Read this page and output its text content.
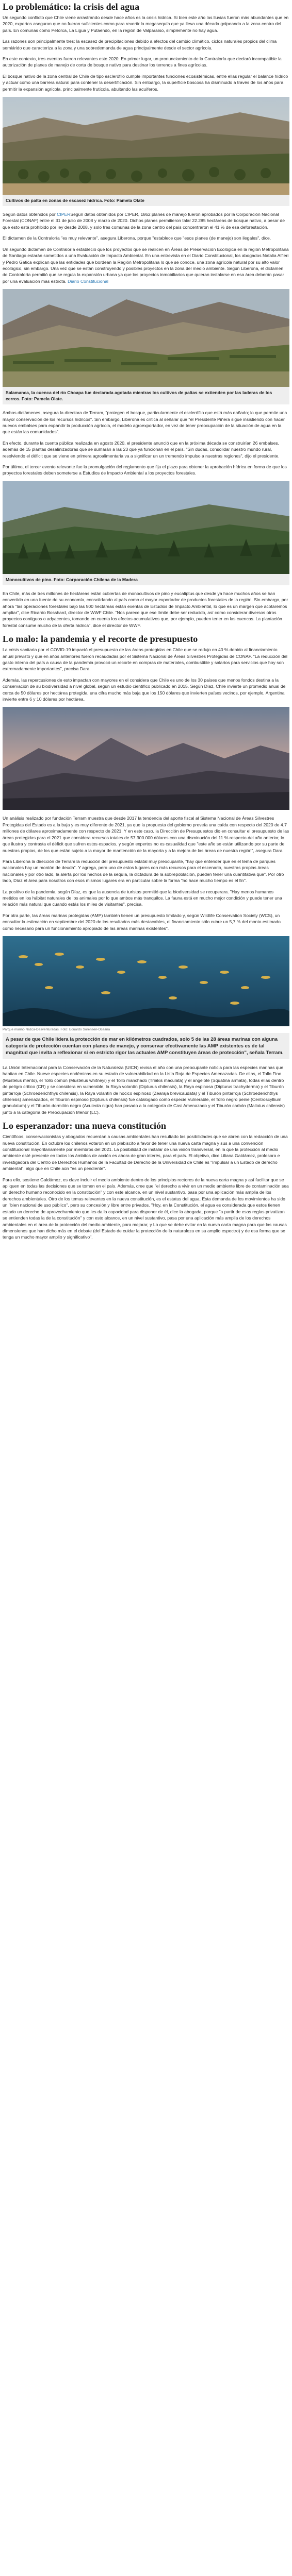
Lo problemático: la crisis del agua

Un segundo conflicto que Chile viene arrastrando desde hace años es la crisis hídrica. Si bien este año las lluvias fueron más abundantes que en 2020, expertos aseguran que no fueron suficientes como para revertir la megasequía que ya lleva una década golpeando a la zona centro del país. En comunas como Petorca, La Ligua y Putaendo, en la región de Valparaíso, simplemente no hay agua.

Las razones son principalmente tres: la escasez de precipitaciones debido a efectos del cambio climático, ciclos naturales propios del clima semiárido que caracteriza a la zona y una sobredemanda de agua principalmente desde el sector agrícola.

En este contexto, tres eventos fueron relevantes este 2020. En primer lugar, un pronunciamiento de la Contraloría que declaró incompatible la autorización de planes de manejo de corta de bosque nativo para destinar los terrenos a fines agrícolas.

El bosque nativo de la zona central de Chile de tipo esclerófilo cumple importantes funciones ecosistémicas, entre ellas regular el balance hídrico y actuar como una barrera natural para contener la desertificación. Sin embargo, la superficie boscosa ha disminuido a través de los años para permitir la expansión agrícola, principalmente frutícola, abultando las acuíferos.

Cultivos de palta en zonas de escasez hídrica. Foto: Pamela Olate

Según datos obtenidos por CIPERSegún datos obtenidos por CIPER, 1862 planes de manejo fueron aprobados por la Corporación Nacional Forestal (CONAF) entre el 31 de julio de 2008 y marzo de 2020. Dichos planes permitieron talar 22.285 hectáreas de bosque nativo, a pesar de que esto está prohibido por ley desde 2008, y solo tres comunas de la zona centro del país concentraron el 41 % de esa deforestación.

El dictamen de la Contraloría "es muy relevante", asegura Liberona, porque "establece que "esos planes (de manejo) son ilegales", dice.

Un segundo dictamen de Contraloría estableció que los proyectos que se realicen en Áreas de Preservación Ecológica en la región Metropolitana de Santiago estarán sometidos a una Evaluación de Impacto Ambiental. En una entrevista en el Diario Constitucional, los abogados Natalia Alfieri y Pedro Gatica explican que las entidades que bordean la Región Metropolitana lo que se conoce, una zona agrícola natural por su alto valor ecológico, sin embargo. Una vez que se están construyendo y posibles proyectos en la zona del medio ambiente. Según Liberona, el dictamen de Contraloría permitió que se regula la expansión urbana ya que los proyectos inmobiliarios que quieran instalarse en esa área deberán pasar por una evaluación más estricta. Diario Constitucional

Salamanca, la cuenca del río Choapa fue declarada agotada mientras los cultivos de paltas se extienden por las laderas de los cerros. Foto: Pamela Olate.

Ambos dictámenes, asegura la directora de Terram, "protegen el bosque, particularmente el esclerófilo que está más dañado; lo que permite una mayor conservación de los recursos hídricos". Sin embargo, Liberona es crítica al señalar que "el Presidente Piñera sigue insistiendo con hacer nuevos embalses para expandir la producción agrícola, el modelo agroexportador, en vez de tener preocupación de la situación de agua en la que están las comunidades".

En efecto, durante la cuenta pública realizada en agosto 2020, el presidente anunció que en la próxima década se construirían 26 embalses, además de 15 plantas desalinizadoras que se sumarán a las 23 que ya funcionan en el país. "Sin dudas, consolidar nuestro mundo rural, resolviendo el déficit que se viene en primera agroalimentaria va a significar un un tremendo impulso a nuestras regiones", dijo el presidente.

Por último, el tercer evento relevante fue la promulgación del reglamento que fija el plazo para obtener la aprobación hídrica en forma de que los proyectos forestales deben someterse a Estudios de Impacto Ambiental a los proyectos forestales.

Monocultivos de pino. Foto: Corporación Chilena de la Madera

En Chile, más de tres millones de hectáreas están cubiertas de monocultivos de pino y eucaliptus que desde ya hace muchos años se han convertido en una fuente de su economía, consolidando al país como el mayor exportador de productos forestales de la región. Sin embargo, por ahora "las operaciones forestales bajo las 500 hectáreas están exentas de Estudios de Impacto Ambiental, lo que es un margen que acotaremos ampliar", dice Ricardo Bosshard, director de WWF Chile. "Nos parece que ese límite debe ser reducido, así como considerar diversos otros proyectos contiguos o adyacentes, tomando en cuenta los efectos acumulativos que, por ejemplo, pueden tener en las cuencas. La plantación forestal consume mucho de la oferta hídrica", dice el director de WWF.

Lo malo: la pandemia y el recorte de presupuesto

La crisis sanitaria por el COVID-19 impactó el presupuesto de las áreas protegidas en Chile que se redujo en 40 % debido al financiamiento anual previsto y que en años anteriores fueron recaudadas por el Sistema Nacional de Áreas Silvestres Protegidas de CONAF. "La reducción del gasto interno del país a causa de la pandemia provocó un recorte en compras de materiales, combustible y salarios para servicios que hoy son extremadamente importantes", precisa Dara.

Además, las repercusiones de esto impactan con mayores en el considera que Chile es uno de los 30 países que menos fondos destina a la conservación de su biodiversidad a nivel global, según un estudio científico publicado en 2015. Según Díaz, Chile invierte un promedio anual de cerca de 50 dólares por hectárea protegida, una cifra mucho más baja que los 150 dólares que invierten países vecinos, por ejemplo, Argentina invierte entre 6 y 10 dólares por hectárea.

Un análisis realizado por fundación Terram muestra que desde 2017 la tendencia del aporte fiscal al Sistema Nacional de Áreas Silvestres Protegidas del Estado es a la baja y es muy diferente de 2021, ya que la propuesta del gobierno preveía una caída con respecto del 2020 de 4.7 millones de dólares aproximadamente con respecto de 2021. Y en este caso, la Dirección de Presupuestos dio en consultar el presupuesto de las áreas protegidas para el 2021 que considera recursos totales de 57.300.000 dólares con una disminución del 11 % respecto del año anterior, lo que ilustra y contrasta el déficit que sufren estos espacios, y según expertos no es casualidad que "este año se están utilizando por su parte de nuestras propias, de los que están sujeto a la mayor de mantención de la mayoría y a la mejora de las áreas de nuestra región", asegura Dara.

Para Liberona la dirección de Terram la reducción del presupuesto estatal muy preocupante, "hay que entender que en el tema de parques nacionales hay un montón de deuda". Y agrega, pero uno de estos lugares con más recursos para el escenario, nuestras propias áreas nacionales y por otro lado, la alerta por los hechos de la sequía, la dictadura de la sobrepoblación, pueden tener una cuantitativa que". Por otro lado, Díaz el área para nosotros con esos mismos lugares era en particular sobre la forma "no hace mucho tiempo es el fin".

La positivo de la pandemia, según Díaz, es que la ausencia de turistas permitió que la biodiversidad se recuperara. "Hay menos humanos metidos en los hábitat naturales de los animales por lo que ambos más tranquilos. La fauna está en mucho mejor condición y puede tener una relación más natural que cuando estás los miles de visitantes", precisa.

Por otra parte, las áreas marinas protegidas (AMP) también tienen un presupuesto limitado y, según Wildlife Conservation Society (WCS), un consultor la estimación en septiembre del 2020 de los resultados más destacables, el financiamiento sólo cubre un 5,7 % del monto estimado como necesario para un funcionamiento apropiado de las áreas marinas existentes".

Parque marino Nazca-Desventuradas. Foto: Eduardo Sorensen-Oceana
A pesar de que Chile lidera la protección de mar en kilómetros cuadrados, solo 5 de las 28 áreas marinas con alguna categoría de protección cuentan con planes de manejo, y conservar efectivamente las AMP existentes es de tal magnitud que invita a reflexionar si en estricto rigor las actuales AMP constituyen áreas de protección", señala Terram.

La Unión Internacional para la Conservación de la Naturaleza (UICN) revisa el año con una preocupante noticia para las especies marinas que habitan en Chile. Nueve especies endémicas en su estado de vulnerabilidad en la Lista Roja de Especies Amenazadas. De ellas, el Tollo Fino (Mustelus mento), el Tollo común (Mustelus whitneyi) y el Tollo manchado (Triakis maculata) y el angelote (Squatina armata), todas ellas dentro de peligro crítico (CR) y se considera en vulnerable, la Raya volantín (Dipturus chilensis), la Raya espinosa (Dipturus trachyderma) y el Tiburón pintarroja (Schroederichthys chilensis), la Raya volantín de hocico espinoso (Zearaja brevicaudata) y el Tiburón pintarroja (Schroederichthys chilensis) amenazados, el Tiburón espinoso (Dipturus chilensis) fue catalogado como especie Vulnerable, el Tollo negro peine (Centroscyllium granulatum) y el Tiburón dormilón negro (Aculeola nigra) han pasado a la categoría de Casi Amenazado y el Tiburón carbón (Mallotus chilensis) junto a la categoría de Preocupación Menor (LC).

Lo esperanzador: una nueva constitución

Científicos, conservacionistas y abogados recuerdan a causas ambientales han resultado las posibilidades que se abren con la redacción de una nueva constitución. En octubre los chilenos votaron en un plebiscito a favor de tener una nueva carta magna y sus a una convención constitucional mayoritariamente por miembros del 2021. La posibilidad de instalar de una visión transversal, en la que la protección al medio ambiente esté presente en todos los ámbitos de acción es ahora de gran interés, para el país. El objetivo, dice Liliana Galdámez, profesora e investigadora del Centro de Derechos Humanos de la Facultad de Derecho de la Universidad de Chile es "Impulsar a un Estado de derecho ambiental", algo que en Chile aún "es un pendiente".

Para ello, sostiene Galdámez, es clave incluir el medio ambiente dentro de los principios rectores de la nueva carta magna y así facilitar que se apliquen en todas las decisiones que se tomen en el país. Además, cree que "el derecho a vivir en un medio ambiente libre de contaminación sea un derecho humano reconocido en la constitución" y con este alcance, en un nivel sustantivo, pasa por una aplicación más amplia de los derechos ambientales. Otro de los temas relevantes en la nueva constitución, es el estatus del agua. Esta demanda de los movimientos ha sido un "bien nacional de uso público", pero su concesión y libre entre privados. "Hoy, en la Constitución, el agua es considerada que estos tienen estado un derecho de aprovechamiento que les da la capacidad para disponer de él, dice la abogada, porque "a partir de esas reglas privatizan se entienden todas la de la constitución" y con esto alcance, en un nivel sustantivo, pasa por una aplicación más amplia de los derechos ambientales en el área de la protección del medio ambiente, para mejorar, y Lo que se debe evitar en la nueva carta magna para que las causas dimensiones que han dicho más en el debate (del Estado de cuidar la protección de la naturaleza en su amplio espectro) y de esa forma que se tenga un mucho mayor amplio y significativo".
